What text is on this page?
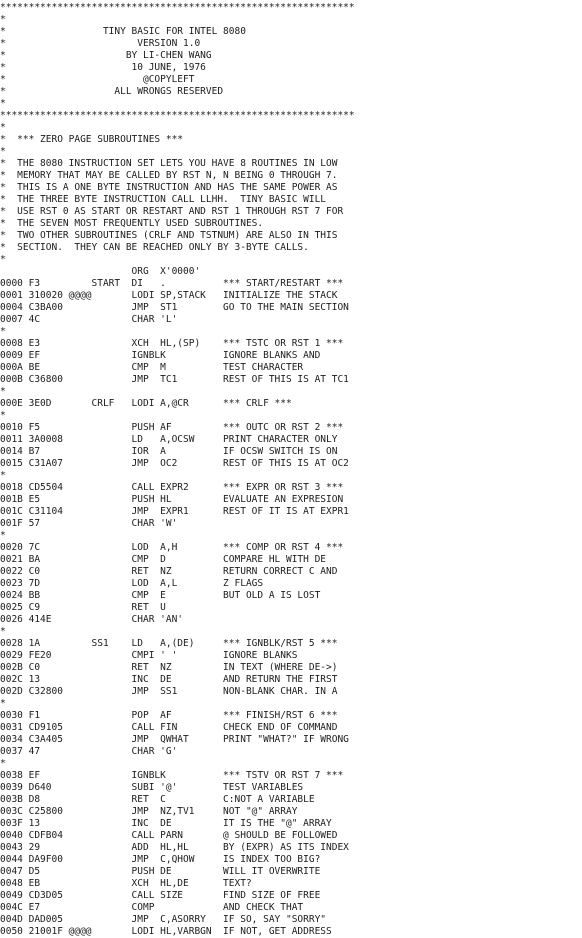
**************************************************************
*
*                 TINY BASIC FOR INTEL 8080
*                       VERSION 1.0
*                     BY LI-CHEN WANG
*                      10 JUNE, 1976
*                        @COPYLEFT
*                   ALL WRONGS RESERVED
*
**************************************************************
*
*  *** ZERO PAGE SUBROUTINES ***
*
*  THE 8080 INSTRUCTION SET LETS YOU HAVE 8 ROUTINES IN LOW
*  MEMORY THAT MAY BE CALLED BY RST N, N BEING 0 THROUGH 7.
*  THIS IS A ONE BYTE INSTRUCTION AND HAS THE SAME POWER AS
*  THE THREE BYTE INSTRUCTION CALL LLHH.  TINY BASIC WILL
*  USE RST 0 AS START OR RESTART AND RST 1 THROUGH RST 7 FOR
*  THE SEVEN MOST FREQUENTLY USED SUBROUTINES.
*  TWO OTHER SUBROUTINES (CRLF AND TSTNUM) ARE ALSO IN THIS
*  SECTION.  THEY CAN BE REACHED ONLY BY 3-BYTE CALLS.
*
ORG  X'0000'
0000 F3         START  DI   .          *** START/RESTART ***
0001 310020 @@@@       LODI SP,STACK   INITIALIZE THE STACK
0004 C3BA00            JMP  ST1        GO TO THE MAIN SECTION
0007 4C                CHAR 'L'
*
0008 E3                XCH  HL,(SP)    *** TSTC OR RST 1 ***
0009 EF                IGNBLK          IGNORE BLANKS AND
000A BE                CMP  M          TEST CHARACTER
000B C36800            JMP  TC1        REST OF THIS IS AT TC1
*
000E 3E0D       CRLF   LODI A,@CR      *** CRLF ***
*
0010 F5                PUSH AF         *** OUTC OR RST 2 ***
0011 3A0008            LD   A,OCSW     PRINT CHARACTER ONLY
0014 B7                IOR  A          IF OCSW SWITCH IS ON
0015 C31A07            JMP  OC2        REST OF THIS IS AT OC2
*
0018 CD5504            CALL EXPR2      *** EXPR OR RST 3 ***
001B E5                PUSH HL         EVALUATE AN EXPRESION
001C C31104            JMP  EXPR1      REST OF IT IS AT EXPR1
001F 57                CHAR 'W'
*
0020 7C                LOD  A,H        *** COMP OR RST 4 ***
0021 BA                CMP  D          COMPARE HL WITH DE
0022 C0                RET  NZ         RETURN CORRECT C AND
0023 7D                LOD  A,L        Z FLAGS
0024 BB                CMP  E          BUT OLD A IS LOST
0025 C9                RET  U
0026 414E              CHAR 'AN'
*
0028 1A         SS1    LD   A,(DE)     *** IGNBLK/RST 5 ***
0029 FE20              CMPI ' '        IGNORE BLANKS
002B C0                RET  NZ         IN TEXT (WHERE DE->)
002C 13                INC  DE         AND RETURN THE FIRST
002D C32800            JMP  SS1        NON-BLANK CHAR. IN A
*
0030 F1                POP  AF         *** FINISH/RST 6 ***
0031 CD9105            CALL FIN        CHECK END OF COMMAND
0034 C3A405            JMP  QWHAT      PRINT "WHAT?" IF WRONG
0037 47                CHAR 'G'
*
0038 EF                IGNBLK          *** TSTV OR RST 7 ***
0039 D640              SUBI '@'        TEST VARIABLES
003B D8                RET  C          C:NOT A VARIABLE
003C C25800            JMP  NZ,TV1     NOT "@" ARRAY
003F 13                INC  DE         IT IS THE "@" ARRAY
0040 CDFB04            CALL PARN       @ SHOULD BE FOLLOWED
0043 29                ADD  HL,HL      BY (EXPR) AS ITS INDEX
0044 DA9F00            JMP  C,QHOW     IS INDEX TOO BIG?
0047 D5                PUSH DE         WILL IT OVERWRITE
0048 EB                XCH  HL,DE      TEXT?
0049 CD3D05            CALL SIZE       FIND SIZE OF FREE
004C E7                COMP            AND CHECK THAT
004D DAD005            JMP  C,ASORRY   IF SO, SAY "SORRY"
0050 21001F @@@@       LODI HL,VARBGN  IF NOT, GET ADDRESS
